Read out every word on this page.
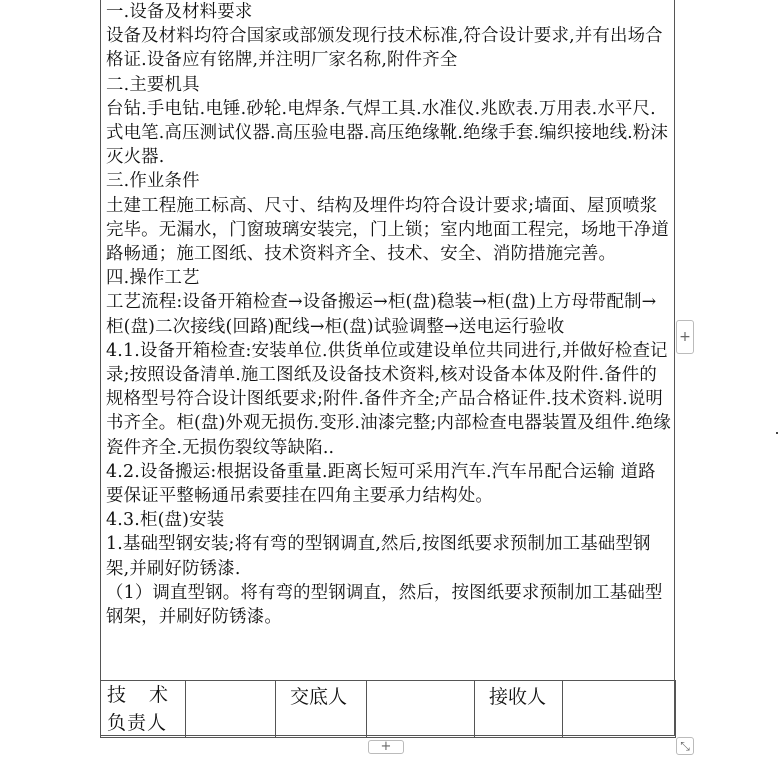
一.设备及材料要求

设备及材料均符合国家或部颁发现行技术标准,符合设计要求,并有出场合格证.设备应有铭牌,并注明厂家名称,附件齐全

二.主要机具

台钻.手电钻.电锤.砂轮.电焊条.气焊工具.水准仪.兆欧表.万用表.水平尺.式电笔.高压测试仪器.高压验电器.高压绝缘靴.绝缘手套.编织接地线.粉沫灭火器.

三.作业条件

土建工程施工标高、尺寸、结构及埋件均符合设计要求;墙面、屋顶喷浆完毕。无漏水，门窗玻璃安装完，门上锁；室内地面工程完，场地干净道路畅通；施工图纸、技术资料齐全、技术、安全、消防措施完善。

四.操作工艺

工艺流程:设备开箱检查→设备搬运→柜(盘)稳装→柜(盘)上方母带配制→柜(盘)二次接线(回路)配线→柜(盘)试验调整→送电运行验收

4.1.设备开箱检查:安装单位.供货单位或建设单位共同进行,并做好检查记录;按照设备清单.施工图纸及设备技术资料,核对设备本体及附件.备件的规格型号符合设计图纸要求;附件.备件齐全;产品合格证件.技术资料.说明书齐全。柜(盘)外观无损伤.变形.油漆完整;内部检查电器装置及组件.绝缘瓷件齐全.无损伤裂纹等缺陷..

4.2.设备搬运:根据设备重量.距离长短可采用汽车.汽车吊配合运输 道路要保证平整畅通吊索要挂在四角主要承力结构处。

4.3.柜(盘)安装

1.基础型钢安装;将有弯的型钢调直,然后,按图纸要求预制加工基础型钢架,并刷好防锈漆.

（1）调直型钢。将有弯的型钢调直，然后，按图纸要求预制加工基础型钢架，并刷好防锈漆。

技　术
负责人
		交底人		接收人	
+
+	⤡
